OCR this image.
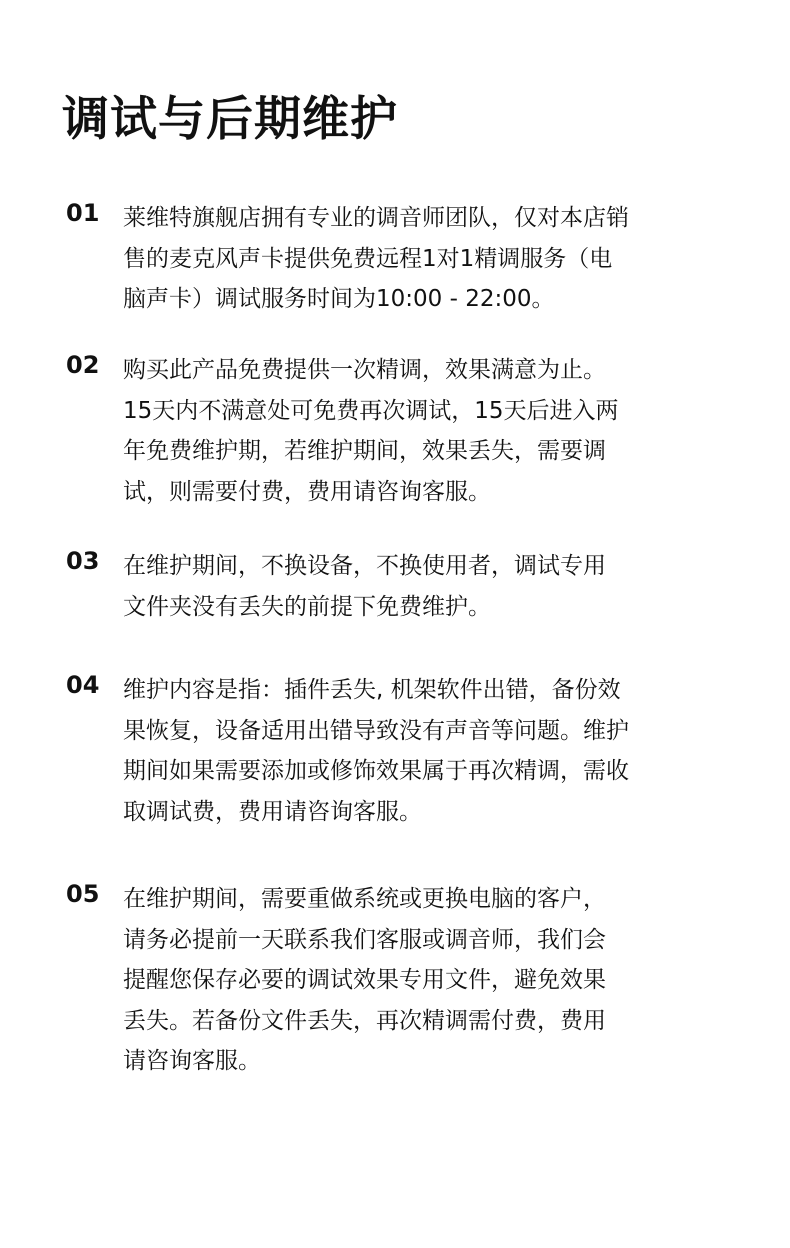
调试与后期维护
01 莱维特旗舰店拥有专业的调音师团队，仅对本店销
售的麦克风声卡提供免费远程1对1精调服务（电
脑声卡）调试服务时间为10:00 - 22:00。
02 购买此产品免费提供一次精调，效果满意为止。
15天内不满意处可免费再次调试，15天后进入两
年免费维护期，若维护期间，效果丢失，需要调
试，则需要付费，费用请咨询客服。
03 在维护期间，不换设备，不换使用者，调试专用
文件夹没有丢失的前提下免费维护。
04 维护内容是指：插件丢失, 机架软件出错，备份效
果恢复，设备适用出错导致没有声音等问题。维护
期间如果需要添加或修饰效果属于再次精调，需收
取调试费，费用请咨询客服。
05 在维护期间，需要重做系统或更换电脑的客户，
请务必提前一天联系我们客服或调音师，我们会
提醒您保存必要的调试效果专用文件，避免效果
丢失。若备份文件丢失，再次精调需付费，费用
请咨询客服。
